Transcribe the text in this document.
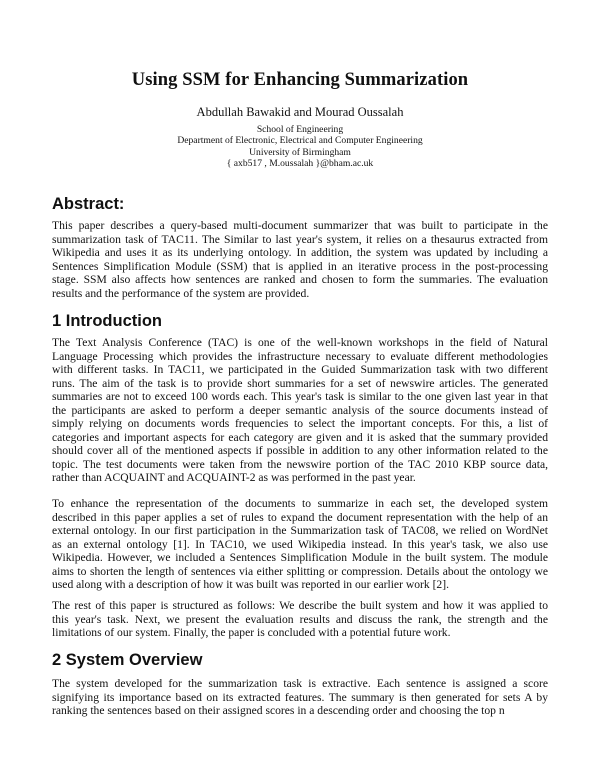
Using SSM for Enhancing Summarization
Abdullah Bawakid and Mourad Oussalah
School of Engineering
Department of Electronic, Electrical and Computer Engineering
University of Birmingham
{ axb517 , M.oussalah }@bham.ac.uk
Abstract:
This paper describes a query-based multi-document summarizer that was built to participate in the
summarization task of TAC11. The Similar to last year's system, it relies on a thesaurus extracted from
Wikipedia and uses it as its underlying ontology. In addition, the system was updated by including a
Sentences Simplification Module (SSM) that is applied in an iterative process in the post-processing
stage. SSM also affects how sentences are ranked and chosen to form the summaries. The evaluation
results and the performance of the system are provided.
1 Introduction
The Text Analysis Conference (TAC) is one of the well-known workshops in the field of Natural
Language Processing which provides the infrastructure necessary to evaluate different methodologies
with different tasks. In TAC11, we participated in the Guided Summarization task with two different
runs. The aim of the task is to provide short summaries for a set of newswire articles. The generated
summaries are not to exceed 100 words each. This year's task is similar to the one given last year in that
the participants are asked to perform a deeper semantic analysis of the source documents instead of
simply relying on documents words frequencies to select the important concepts. For this, a list of
categories and important aspects for each category are given and it is asked that the summary provided
should cover all of the mentioned aspects if possible in addition to any other information related to the
topic. The test documents were taken from the newswire portion of the TAC 2010 KBP source data,
rather than ACQUAINT and ACQUAINT-2 as was performed in the past year.
To enhance the representation of the documents to summarize in each set, the developed system
described in this paper applies a set of rules to expand the document representation with the help of an
external ontology. In our first participation in the Summarization task of TAC08, we relied on WordNet
as an external ontology [1]. In TAC10, we used Wikipedia instead. In this year's task, we also use
Wikipedia. However, we included a Sentences Simplification Module in the built system. The module
aims to shorten the length of sentences via either splitting or compression. Details about the ontology we
used along with a description of how it was built was reported in our earlier work [2].
The rest of this paper is structured as follows: We describe the built system and how it was applied to
this year's task. Next, we present the evaluation results and discuss the rank, the strength and the
limitations of our system. Finally, the paper is concluded with a potential future work.
2 System Overview
The system developed for the summarization task is extractive. Each sentence is assigned a score
signifying its importance based on its extracted features. The summary is then generated for sets A by
ranking the sentences based on their assigned scores in a descending order and choosing the top n
